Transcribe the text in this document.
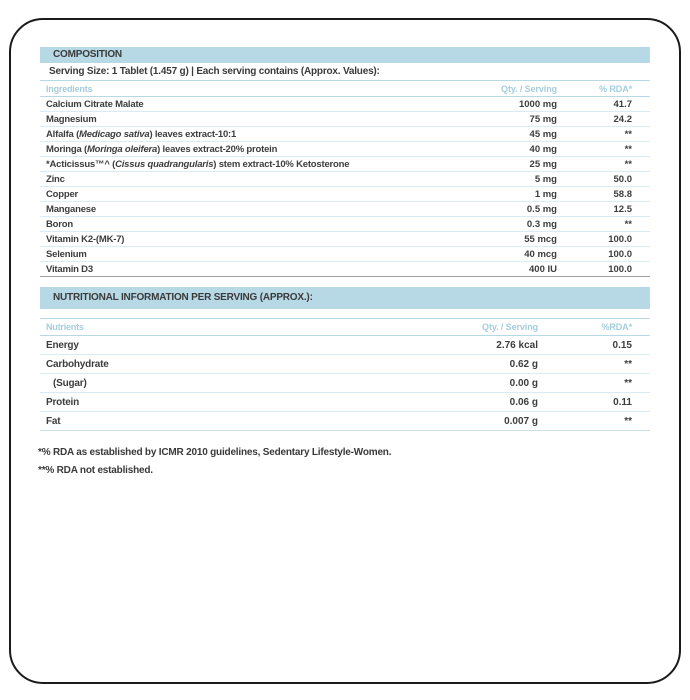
COMPOSITION
Serving Size: 1 Tablet (1.457 g) | Each serving contains (Approx. Values):
Ingredients	Qty. / Serving	% RDA*
Calcium Citrate Malate	1000 mg	41.7
Magnesium	75 mg	24.2
Alfalfa (Medicago sativa) leaves extract-10:1	45 mg	**
Moringa (Moringa oleifera) leaves extract-20% protein	40 mg	**
*Acticissus™^ (Cissus quadrangularis) stem extract-10% Ketosterone	25 mg	**
Zinc	5 mg	50.0
Copper	1 mg	58.8
Manganese	0.5 mg	12.5
Boron	0.3 mg	**
Vitamin K2-(MK-7)	55 mcg	100.0
Selenium	40 mcg	100.0
Vitamin D3	400 IU	100.0
NUTRITIONAL INFORMATION PER SERVING (APPROX.):
Nutrients	Qty. / Serving	%RDA*
Energy	2.76 kcal	0.15
Carbohydrate	0.62 g	**
(Sugar)	0.00 g	**
Protein	0.06 g	0.11
Fat	0.007 g	**
*% RDA as established by ICMR 2010 guidelines, Sedentary Lifestyle-Women.
**% RDA not established.
